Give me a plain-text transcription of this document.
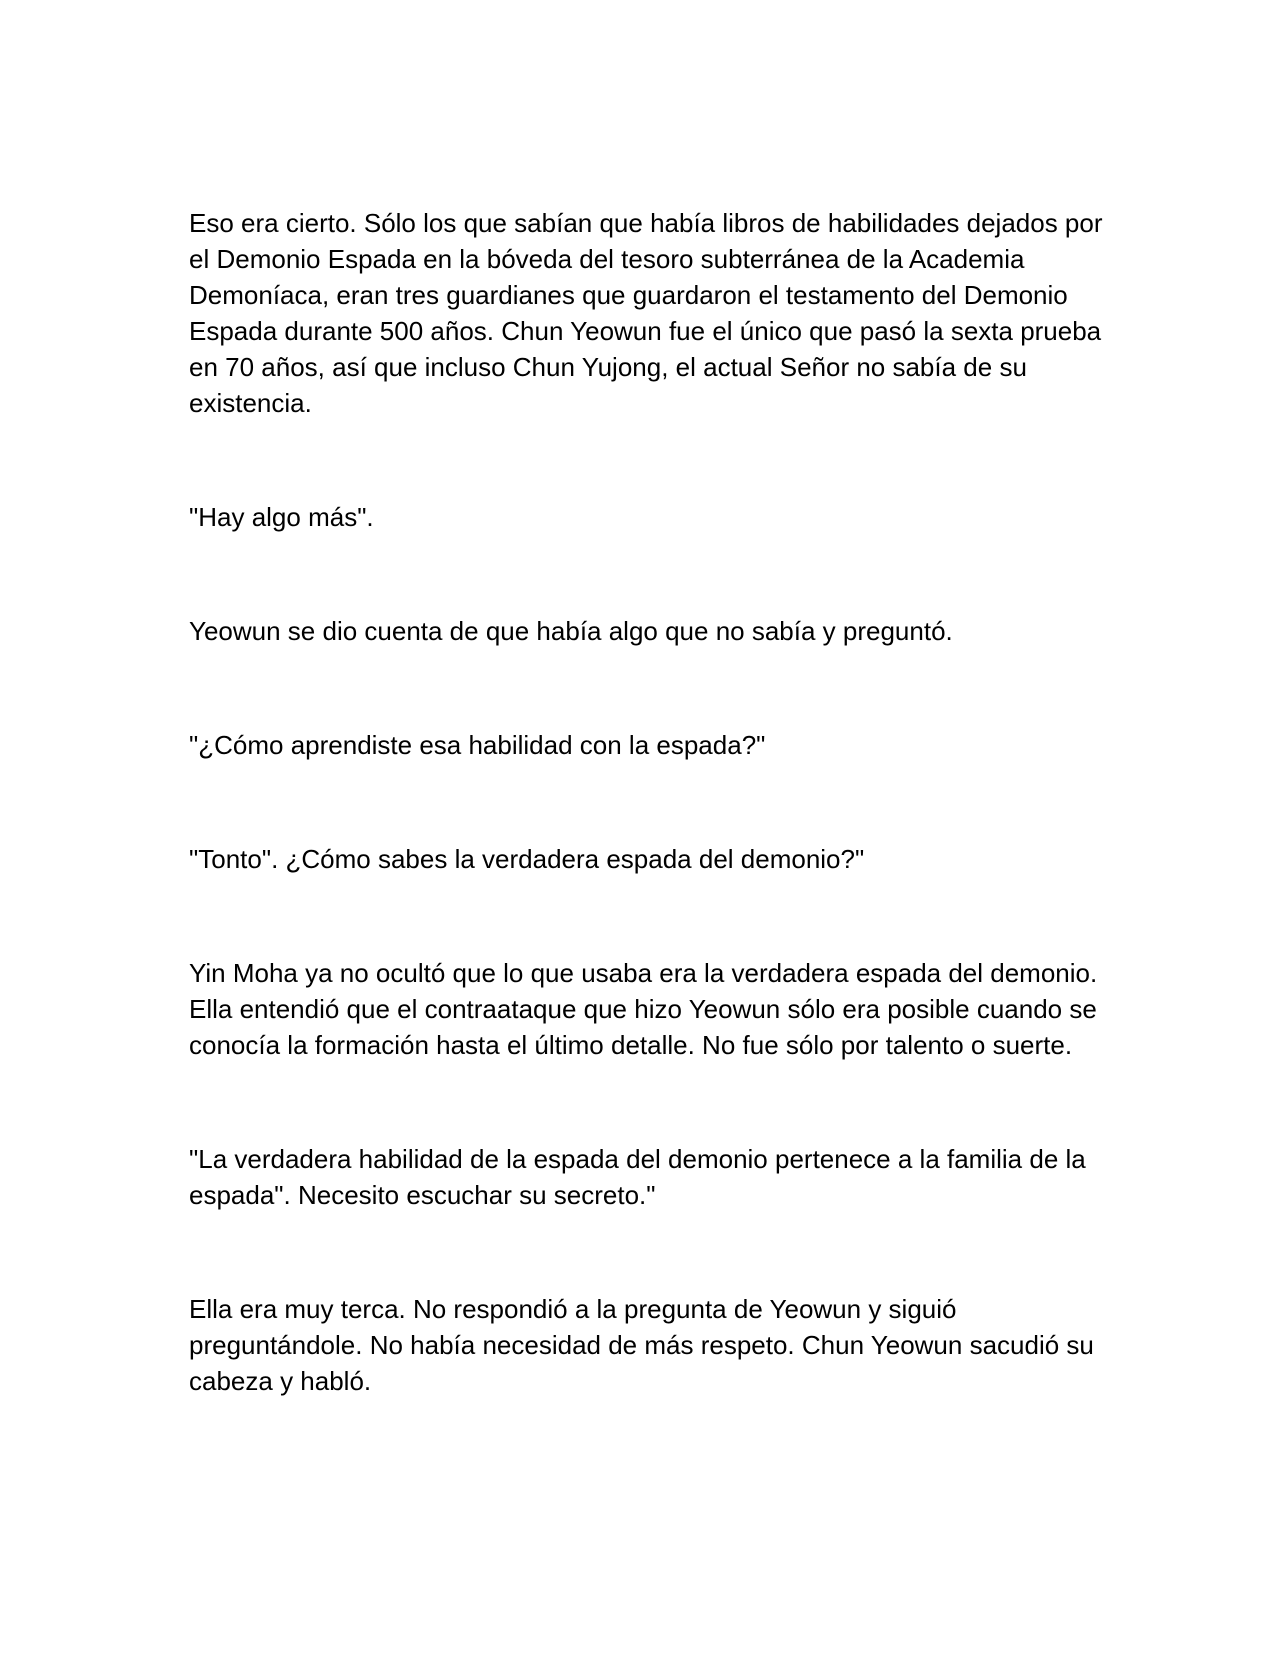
Eso era cierto. Sólo los que sabían que había libros de habilidades dejados por el Demonio Espada en la bóveda del tesoro subterránea de la Academia Demoníaca, eran tres guardianes que guardaron el testamento del Demonio Espada durante 500 años. Chun Yeowun fue el único que pasó la sexta prueba en 70 años, así que incluso Chun Yujong, el actual Señor no sabía de su existencia.

"Hay algo más".

Yeowun se dio cuenta de que había algo que no sabía y preguntó.

"¿Cómo aprendiste esa habilidad con la espada?"

"Tonto". ¿Cómo sabes la verdadera espada del demonio?"

Yin Moha ya no ocultó que lo que usaba era la verdadera espada del demonio. Ella entendió que el contraataque que hizo Yeowun sólo era posible cuando se conocía la formación hasta el último detalle. No fue sólo por talento o suerte.

"La verdadera habilidad de la espada del demonio pertenece a la familia de la espada". Necesito escuchar su secreto."

Ella era muy terca. No respondió a la pregunta de Yeowun y siguió preguntándole. No había necesidad de más respeto. Chun Yeowun sacudió su cabeza y habló.
